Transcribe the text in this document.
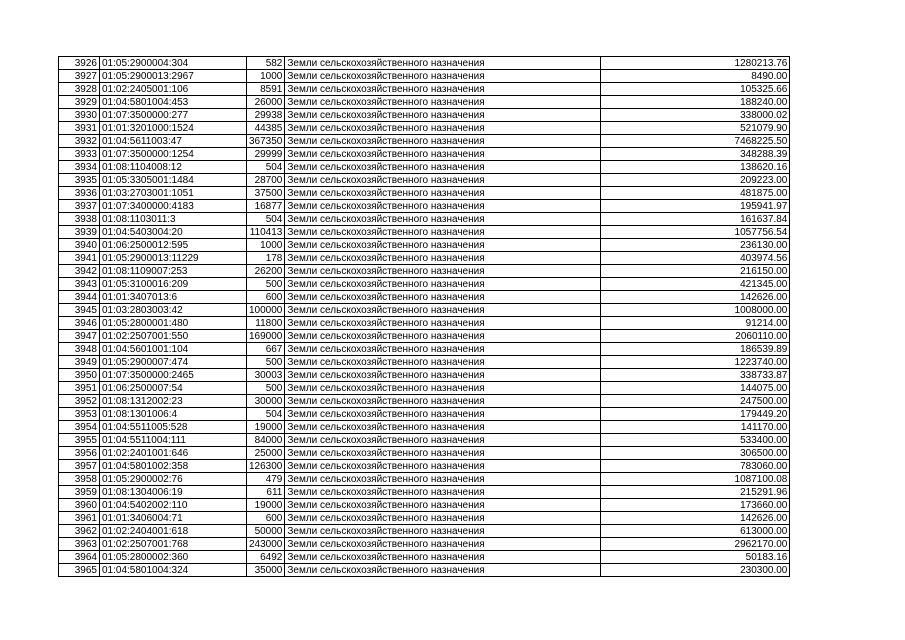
3926	01:05:2900004:304	582	Земли сельскохозяйственного назначения	1280213.76
3927	01:05:2900013:2967	1000	Земли сельскохозяйственного назначения	8490.00
3928	01:02:2405001:106	8591	Земли сельскохозяйственного назначения	105325.66
3929	01:04:5801004:453	26000	Земли сельскохозяйственного назначения	188240.00
3930	01:07:3500000:277	29938	Земли сельскохозяйственного назначения	338000.02
3931	01:01:3201000:1524	44385	Земли сельскохозяйственного назначения	521079.90
3932	01:04:5611003:47	367350	Земли сельскохозяйственного назначения	7468225.50
3933	01:07:3500000:1254	29999	Земли сельскохозяйственного назначения	348288.39
3934	01:08:1104008:12	504	Земли сельскохозяйственного назначения	138620.16
3935	01:05:3305001:1484	28700	Земли сельскохозяйственного назначения	209223.00
3936	01:03:2703001:1051	37500	Земли сельскохозяйственного назначения	481875.00
3937	01:07:3400000:4183	16877	Земли сельскохозяйственного назначения	195941.97
3938	01:08:1103011:3	504	Земли сельскохозяйственного назначения	161637.84
3939	01:04:5403004:20	110413	Земли сельскохозяйственного назначения	1057756.54
3940	01:06:2500012:595	1000	Земли сельскохозяйственного назначения	236130.00
3941	01:05:2900013:11229	178	Земли сельскохозяйственного назначения	403974.56
3942	01:08:1109007:253	26200	Земли сельскохозяйственного назначения	216150.00
3943	01:05:3100016:209	500	Земли сельскохозяйственного назначения	421345.00
3944	01:01:3407013:6	600	Земли сельскохозяйственного назначения	142626.00
3945	01:03:2803003:42	100000	Земли сельскохозяйственного назначения	1008000.00
3946	01:05:2800001:480	11800	Земли сельскохозяйственного назначения	91214.00
3947	01:02:2507001:550	169000	Земли сельскохозяйственного назначения	2060110.00
3948	01:04:5601001:104	667	Земли сельскохозяйственного назначения	186539.89
3949	01:05:2900007:474	500	Земли сельскохозяйственного назначения	1223740.00
3950	01:07:3500000:2465	30003	Земли сельскохозяйственного назначения	338733.87
3951	01:06:2500007:54	500	Земли сельскохозяйственного назначения	144075.00
3952	01:08:1312002:23	30000	Земли сельскохозяйственного назначения	247500.00
3953	01:08:1301006:4	504	Земли сельскохозяйственного назначения	179449.20
3954	01:04:5511005:528	19000	Земли сельскохозяйственного назначения	141170.00
3955	01:04:5511004:111	84000	Земли сельскохозяйственного назначения	533400.00
3956	01:02:2401001:646	25000	Земли сельскохозяйственного назначения	306500.00
3957	01:04:5801002:358	126300	Земли сельскохозяйственного назначения	783060.00
3958	01:05:2900002:76	479	Земли сельскохозяйственного назначения	1087100.08
3959	01:08:1304006:19	611	Земли сельскохозяйственного назначения	215291.96
3960	01:04:5402002:110	19000	Земли сельскохозяйственного назначения	173660.00
3961	01:01:3406004:71	600	Земли сельскохозяйственного назначения	142626.00
3962	01:02:2404001:618	50000	Земли сельскохозяйственного назначения	613000.00
3963	01:02:2507001:768	243000	Земли сельскохозяйственного назначения	2962170.00
3964	01:05:2800002:360	6492	Земли сельскохозяйственного назначения	50183.16
3965	01:04:5801004:324	35000	Земли сельскохозяйственного назначения	230300.00
